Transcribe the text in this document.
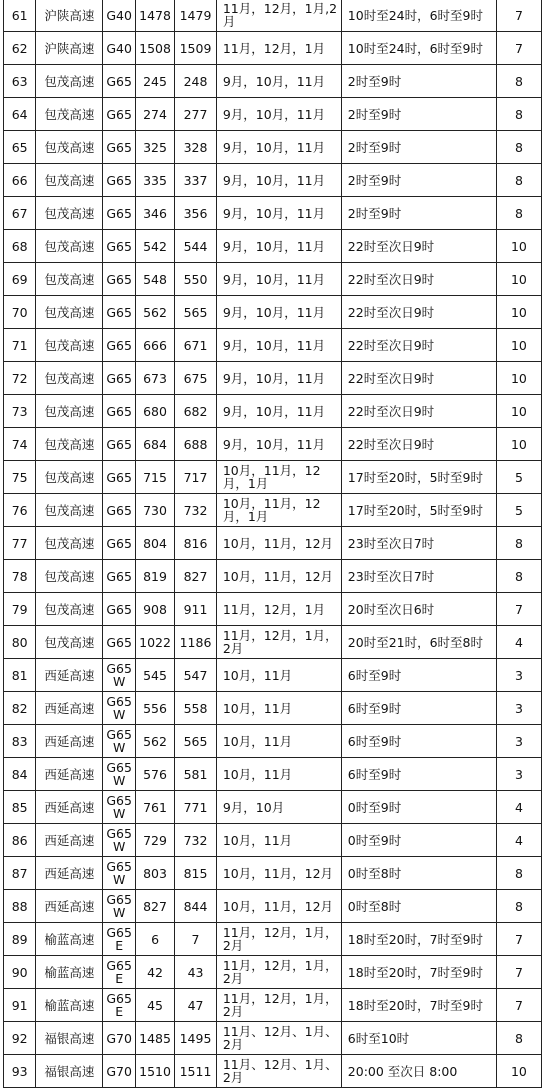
61	沪陕高速	G40	1478	1479	11月，12月，1月,2月	10时至24时，6时至9时	7
62	沪陕高速	G40	1508	1509	11月，12月，1月	10时至24时，6时至9时	7
63	包茂高速	G65	245	248	9月，10月，11月	2时至9时	8
64	包茂高速	G65	274	277	9月，10月，11月	2时至9时	8
65	包茂高速	G65	325	328	9月，10月，11月	2时至9时	8
66	包茂高速	G65	335	337	9月，10月，11月	2时至9时	8
67	包茂高速	G65	346	356	9月，10月，11月	2时至9时	8
68	包茂高速	G65	542	544	9月，10月，11月	22时至次日9时	10
69	包茂高速	G65	548	550	9月，10月，11月	22时至次日9时	10
70	包茂高速	G65	562	565	9月，10月，11月	22时至次日9时	10
71	包茂高速	G65	666	671	9月，10月，11月	22时至次日9时	10
72	包茂高速	G65	673	675	9月，10月，11月	22时至次日9时	10
73	包茂高速	G65	680	682	9月，10月，11月	22时至次日9时	10
74	包茂高速	G65	684	688	9月，10月，11月	22时至次日9时	10
75	包茂高速	G65	715	717	10月，11月，12月，1月	17时至20时，5时至9时	5
76	包茂高速	G65	730	732	10月，11月，12月，1月	17时至20时，5时至9时	5
77	包茂高速	G65	804	816	10月，11月，12月	23时至次日7时	8
78	包茂高速	G65	819	827	10月，11月，12月	23时至次日7时	8
79	包茂高速	G65	908	911	11月，12月，1月	20时至次日6时	7
80	包茂高速	G65	1022	1186	11月，12月，1月，2月	20时至21时，6时至8时	4
81	西延高速	G65W	545	547	10月，11月	6时至9时	3
82	西延高速	G65W	556	558	10月，11月	6时至9时	3
83	西延高速	G65W	562	565	10月，11月	6时至9时	3
84	西延高速	G65W	576	581	10月，11月	6时至9时	3
85	西延高速	G65W	761	771	9月，10月	0时至9时	4
86	西延高速	G65W	729	732	10月，11月	0时至9时	4
87	西延高速	G65W	803	815	10月，11月，12月	0时至8时	8
88	西延高速	G65W	827	844	10月，11月，12月	0时至8时	8
89	榆蓝高速	G65E	6	7	11月，12月，1月，2月	18时至20时，7时至9时	7
90	榆蓝高速	G65E	42	43	11月，12月，1月，2月	18时至20时，7时至9时	7
91	榆蓝高速	G65E	45	47	11月，12月，1月，2月	18时至20时，7时至9时	7
92	福银高速	G70	1485	1495	11月、12月、1月、2月	6时至10时	8
93	福银高速	G70	1510	1511	11月、12月、1月、2月	20:00 至次日 8:00	10
